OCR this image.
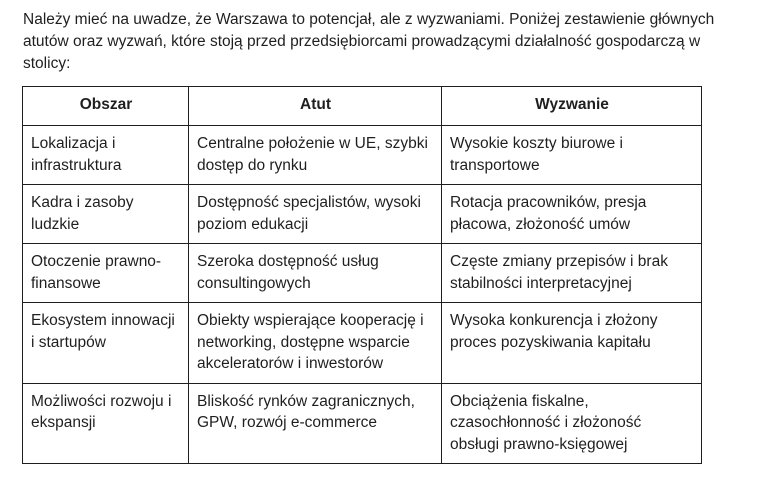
Należy mieć na uwadze, że Warszawa to potencjał, ale z wyzwaniami. Poniżej zestawienie głównych atutów oraz wyzwań, które stoją przed przedsiębiorcami prowadzącymi działalność gospodarczą w stolicy:

Obszar	Atut	Wyzwanie
Lokalizacja i infrastruktura	Centralne położenie w UE, szybki dostęp do rynku	Wysokie koszty biurowe i transportowe
Kadra i zasoby ludzkie	Dostępność specjalistów, wysoki poziom edukacji	Rotacja pracowników, presja płacowa, złożoność umów
Otoczenie prawno-finansowe	Szeroka dostępność usług consultingowych	Częste zmiany przepisów i brak stabilności interpretacyjnej
Ekosystem innowacji i startupów	Obiekty wspierające kooperację i networking, dostępne wsparcie akceleratorów i inwestorów	Wysoka konkurencja i złożony proces pozyskiwania kapitału
Możliwości rozwoju i ekspansji	Bliskość rynków zagranicznych, GPW, rozwój e-commerce	Obciążenia fiskalne, czasochłonność i złożoność obsługi prawno-księgowej
